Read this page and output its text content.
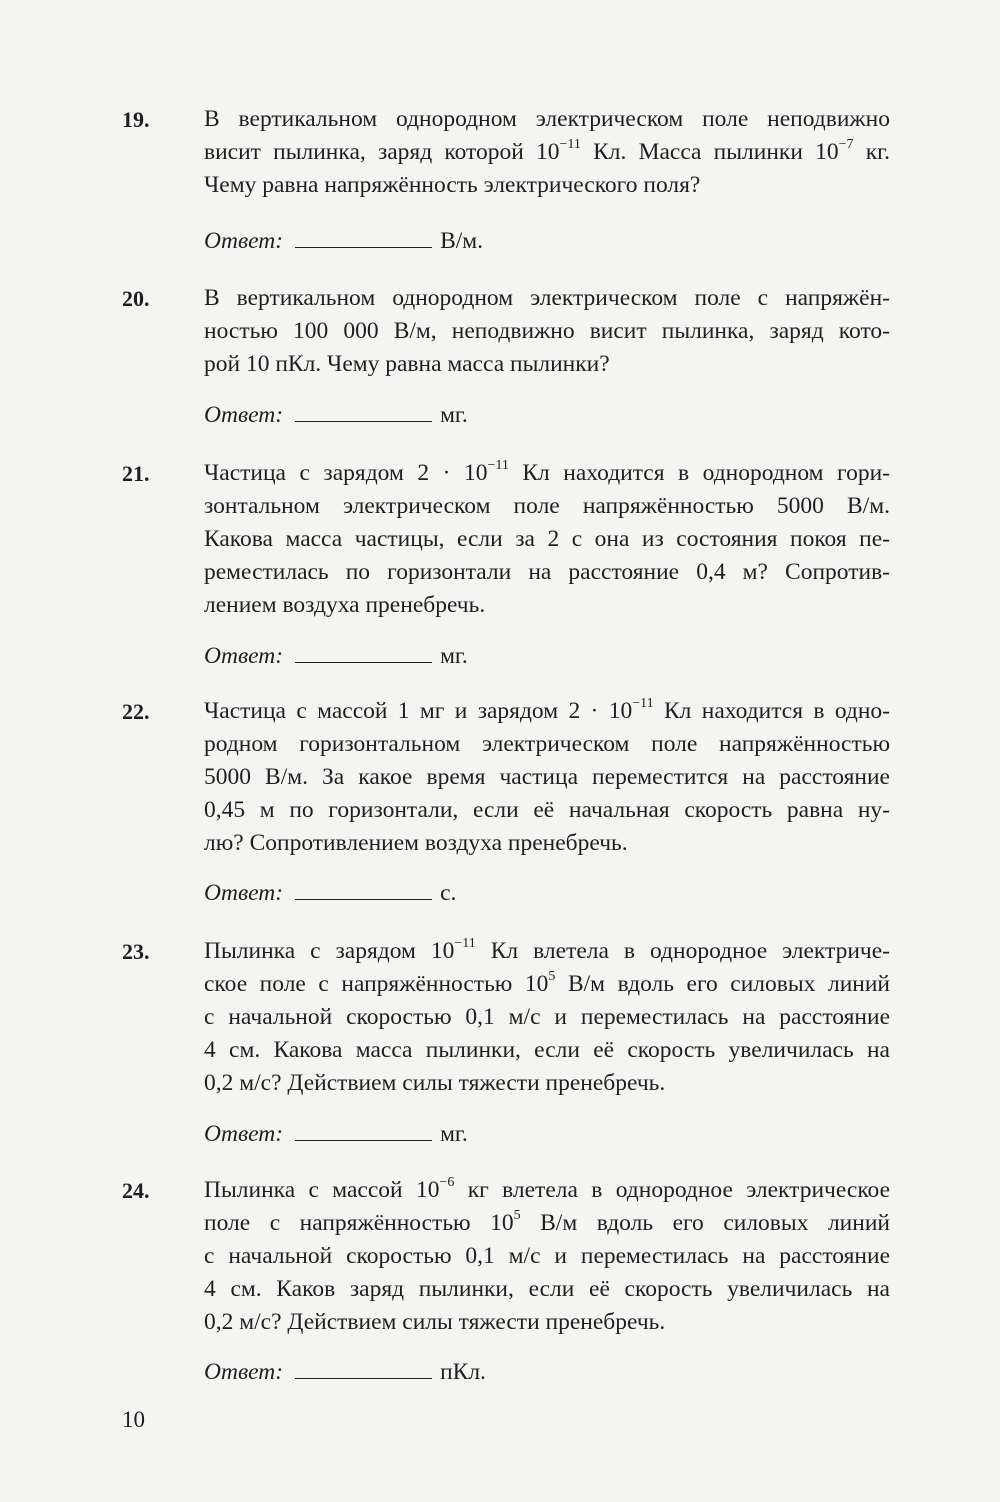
19. В вертикальном однородном электрическом поле неподвижно
висит пылинка, заряд которой $10^{-11}$ Кл. Масса пылинки $10^{-7}$ кг.
Чему равна напряжённость электрического поля?
Ответ:	В/м.
20. В вертикальном однородном электрическом поле с напряжён-
ностью 100 000 В/м, неподвижно висит пылинка, заряд кото-
рой 10 пКл. Чему равна масса пылинки?
Ответ:	мг.
21. Частица с зарядом $2 \cdot 10^{-11}$ Кл находится в однородном гори-
зонтальном электрическом поле напряжённостью 5000 В/м.
Какова масса частицы, если за 2 с она из состояния покоя пе-
реместилась по горизонтали на расстояние 0,4 м? Сопротив-
лением воздуха пренебречь.
Ответ:	мг.
22. Частица с массой 1 мг и зарядом $2 \cdot 10^{-11}$ Кл находится в одно-
родном горизонтальном электрическом поле напряжённостью
5000 В/м. За какое время частица переместится на расстояние
0,45 м по горизонтали, если её начальная скорость равна ну-
лю? Сопротивлением воздуха пренебречь.
Ответ:	с.
23. Пылинка с зарядом $10^{-11}$ Кл влетела в однородное электриче-
ское поле с напряжённостью $10^5$ В/м вдоль его силовых линий
с начальной скоростью 0,1 м/с и переместилась на расстояние
4 см. Какова масса пылинки, если её скорость увеличилась на
0,2 м/с? Действием силы тяжести пренебречь.
Ответ:	мг.
24. Пылинка с массой $10^{-6}$ кг влетела в однородное электрическое
поле с напряжённостью $10^5$ В/м вдоль его силовых линий
с начальной скоростью 0,1 м/с и переместилась на расстояние
4 см. Каков заряд пылинки, если её скорость увеличилась на
0,2 м/с? Действием силы тяжести пренебречь.
Ответ:	пКл.
10
